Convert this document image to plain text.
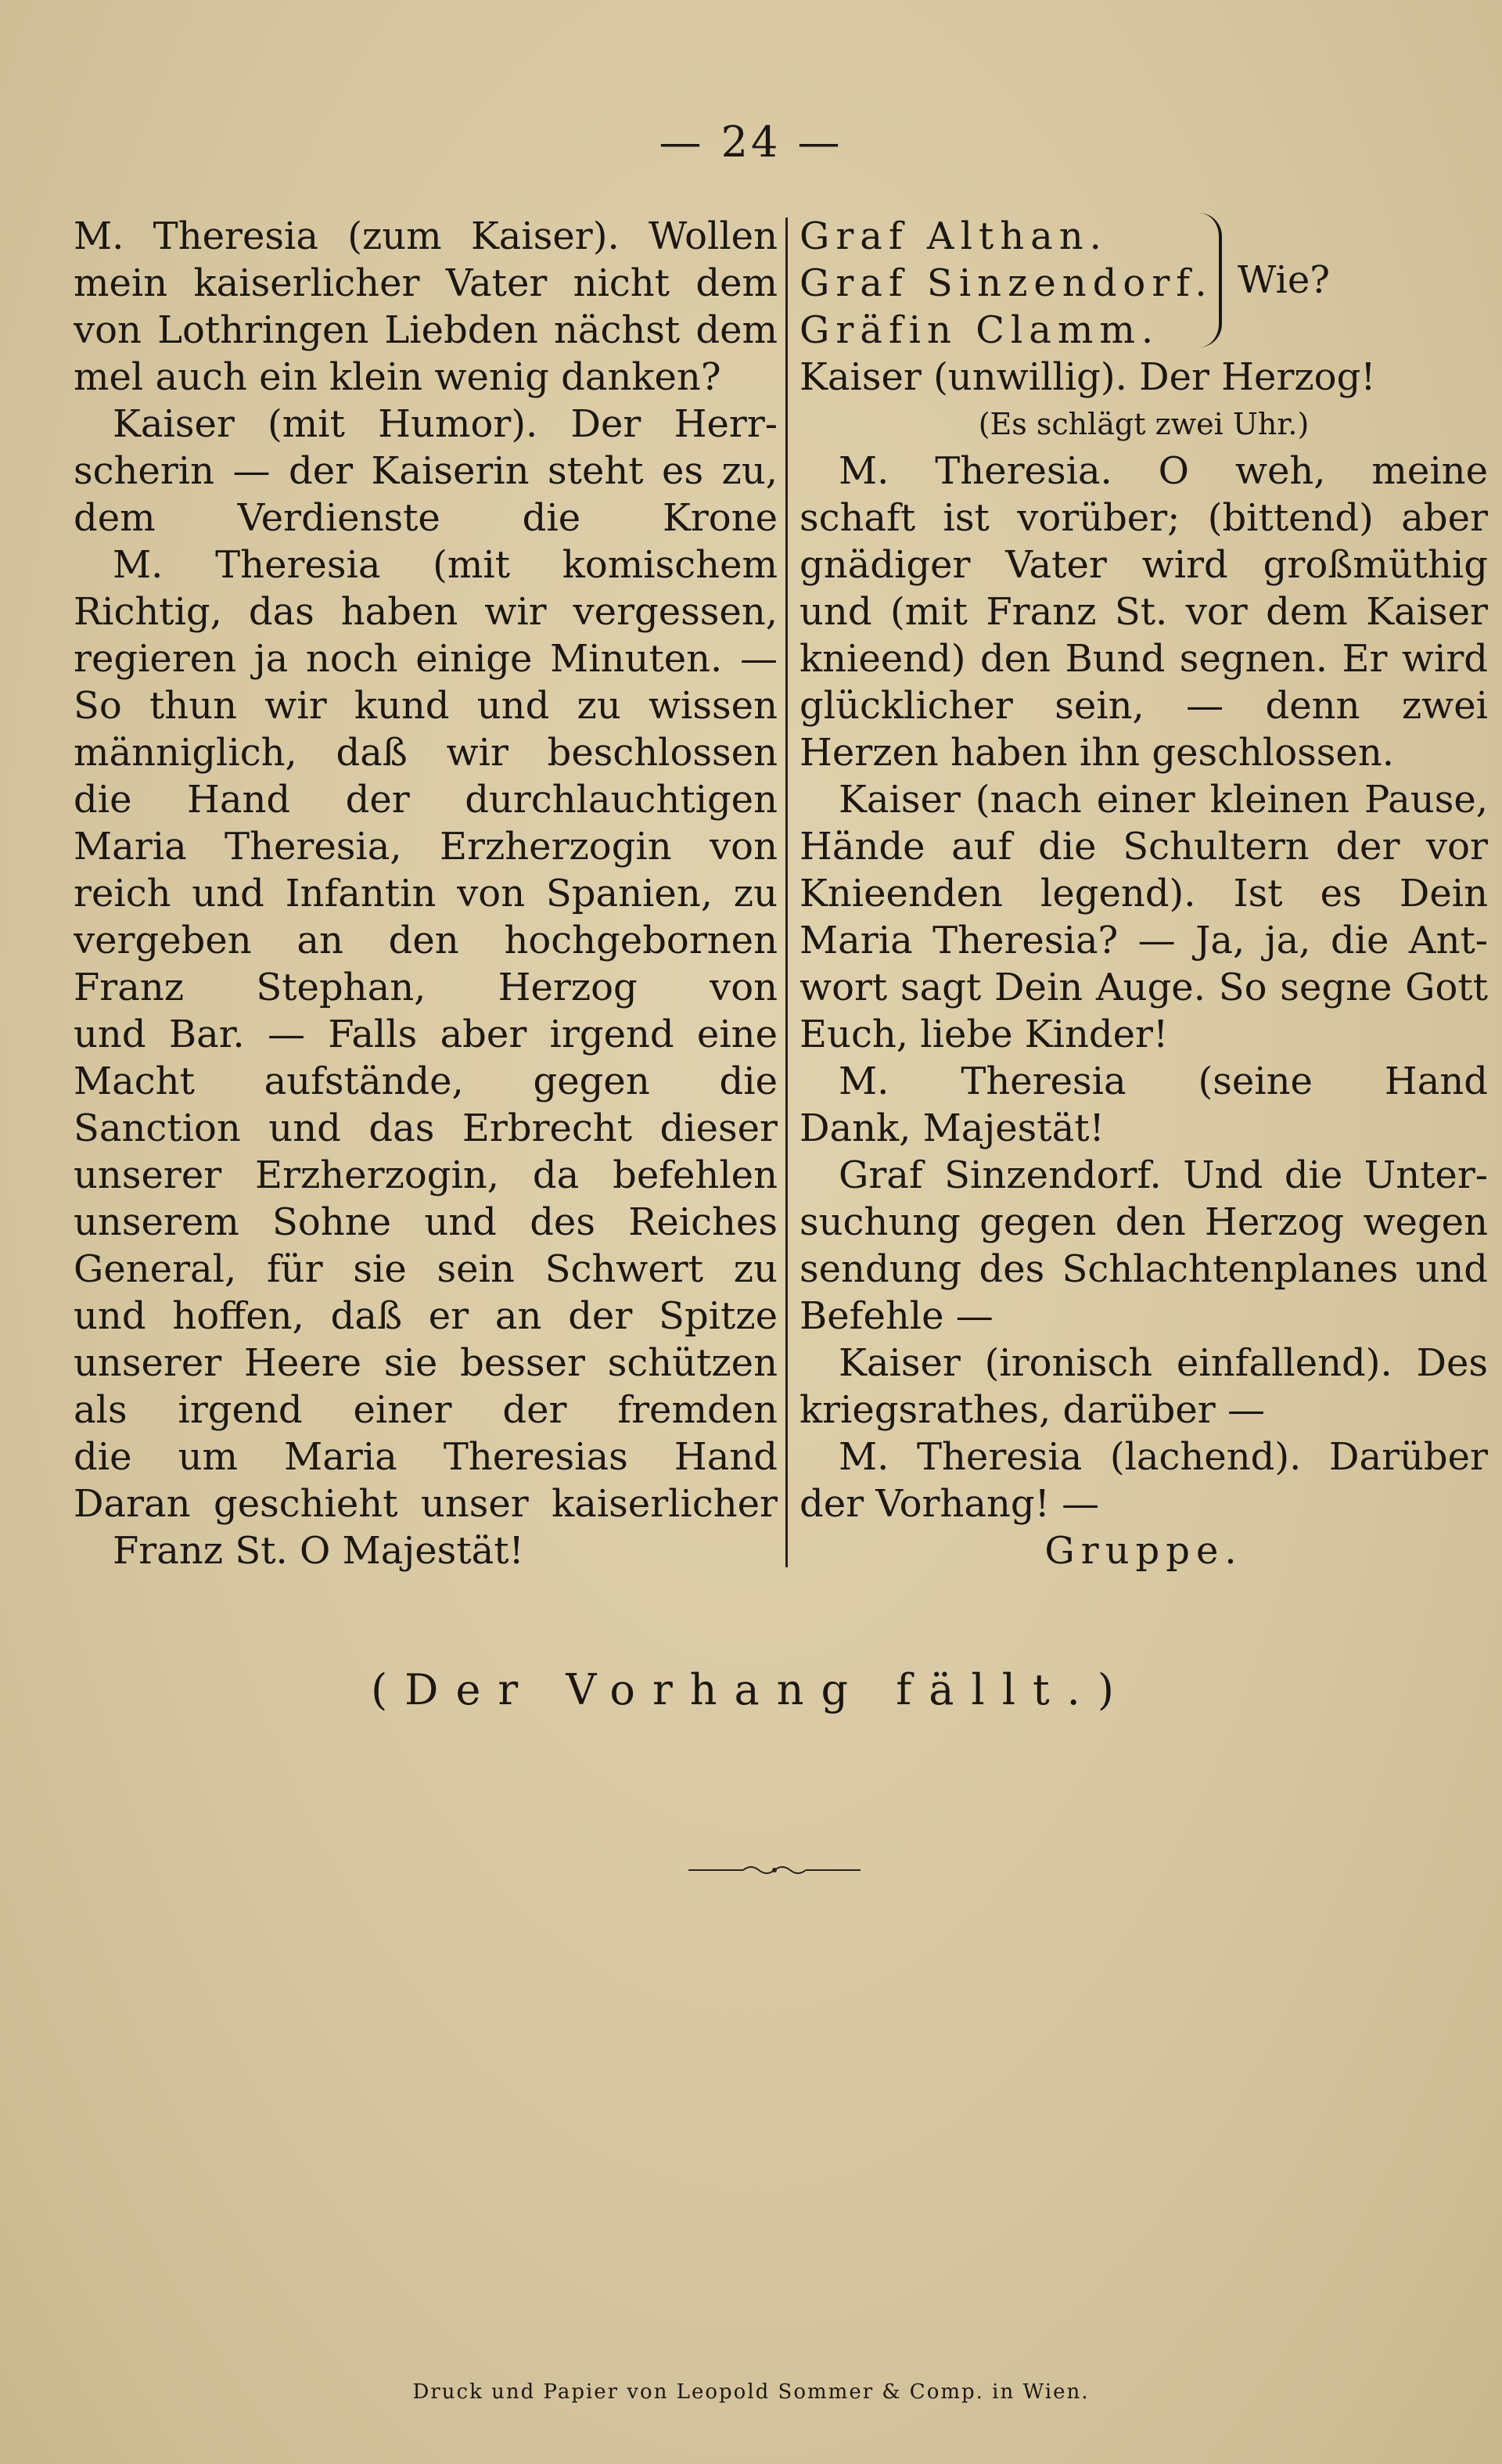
— 24 —
M. Theresia (zum Kaiser). Wollen
mein kaiserlicher Vater nicht dem
von Lothringen Liebden nächst dem
mel auch ein klein wenig danken?
Kaiser (mit Humor). Der Herr-
scherin — der Kaiserin steht es zu,
dem Verdienste die Krone
M. Theresia (mit komischem
Richtig, das haben wir vergessen,
regieren ja noch einige Minuten. —
So thun wir kund und zu wissen
männiglich, daß wir beschlossen
die Hand der durchlauchtigen
Maria Theresia, Erzherzogin von
reich und Infantin von Spanien, zu
vergeben an den hochgebornen
Franz Stephan, Herzog von
und Bar. — Falls aber irgend eine
Macht aufstände, gegen die
Sanction und das Erbrecht dieser
unserer Erzherzogin, da befehlen
unserem Sohne und des Reiches
General, für sie sein Schwert zu
und hoffen, daß er an der Spitze
unserer Heere sie besser schützen
als irgend einer der fremden
die um Maria Theresias Hand
Daran geschieht unser kaiserlicher
Franz St. O Majestät!
Graf Althan.
Graf Sinzendorf.
Gräfin Clamm.
Wie?
Kaiser (unwillig). Der Herzog!
(Es schlägt zwei Uhr.)
M. Theresia. O weh, meine
schaft ist vorüber; (bittend) aber
gnädiger Vater wird großmüthig
und (mit Franz St. vor dem Kaiser
knieend) den Bund segnen. Er wird
glücklicher sein, — denn zwei
Herzen haben ihn geschlossen.
Kaiser (nach einer kleinen Pause,
Hände auf die Schultern der vor
Knieenden legend). Ist es Dein
Maria Theresia? — Ja, ja, die Ant-
wort sagt Dein Auge. So segne Gott
Euch, liebe Kinder!
M. Theresia (seine Hand
Dank, Majestät!
Graf Sinzendorf. Und die Unter-
suchung gegen den Herzog wegen
sendung des Schlachtenplanes und
Befehle —
Kaiser (ironisch einfallend). Des
kriegsrathes, darüber —
M. Theresia (lachend). Darüber
der Vorhang! —
Gruppe.
(Der Vorhang fällt.)
Druck und Papier von Leopold Sommer & Comp. in Wien.
